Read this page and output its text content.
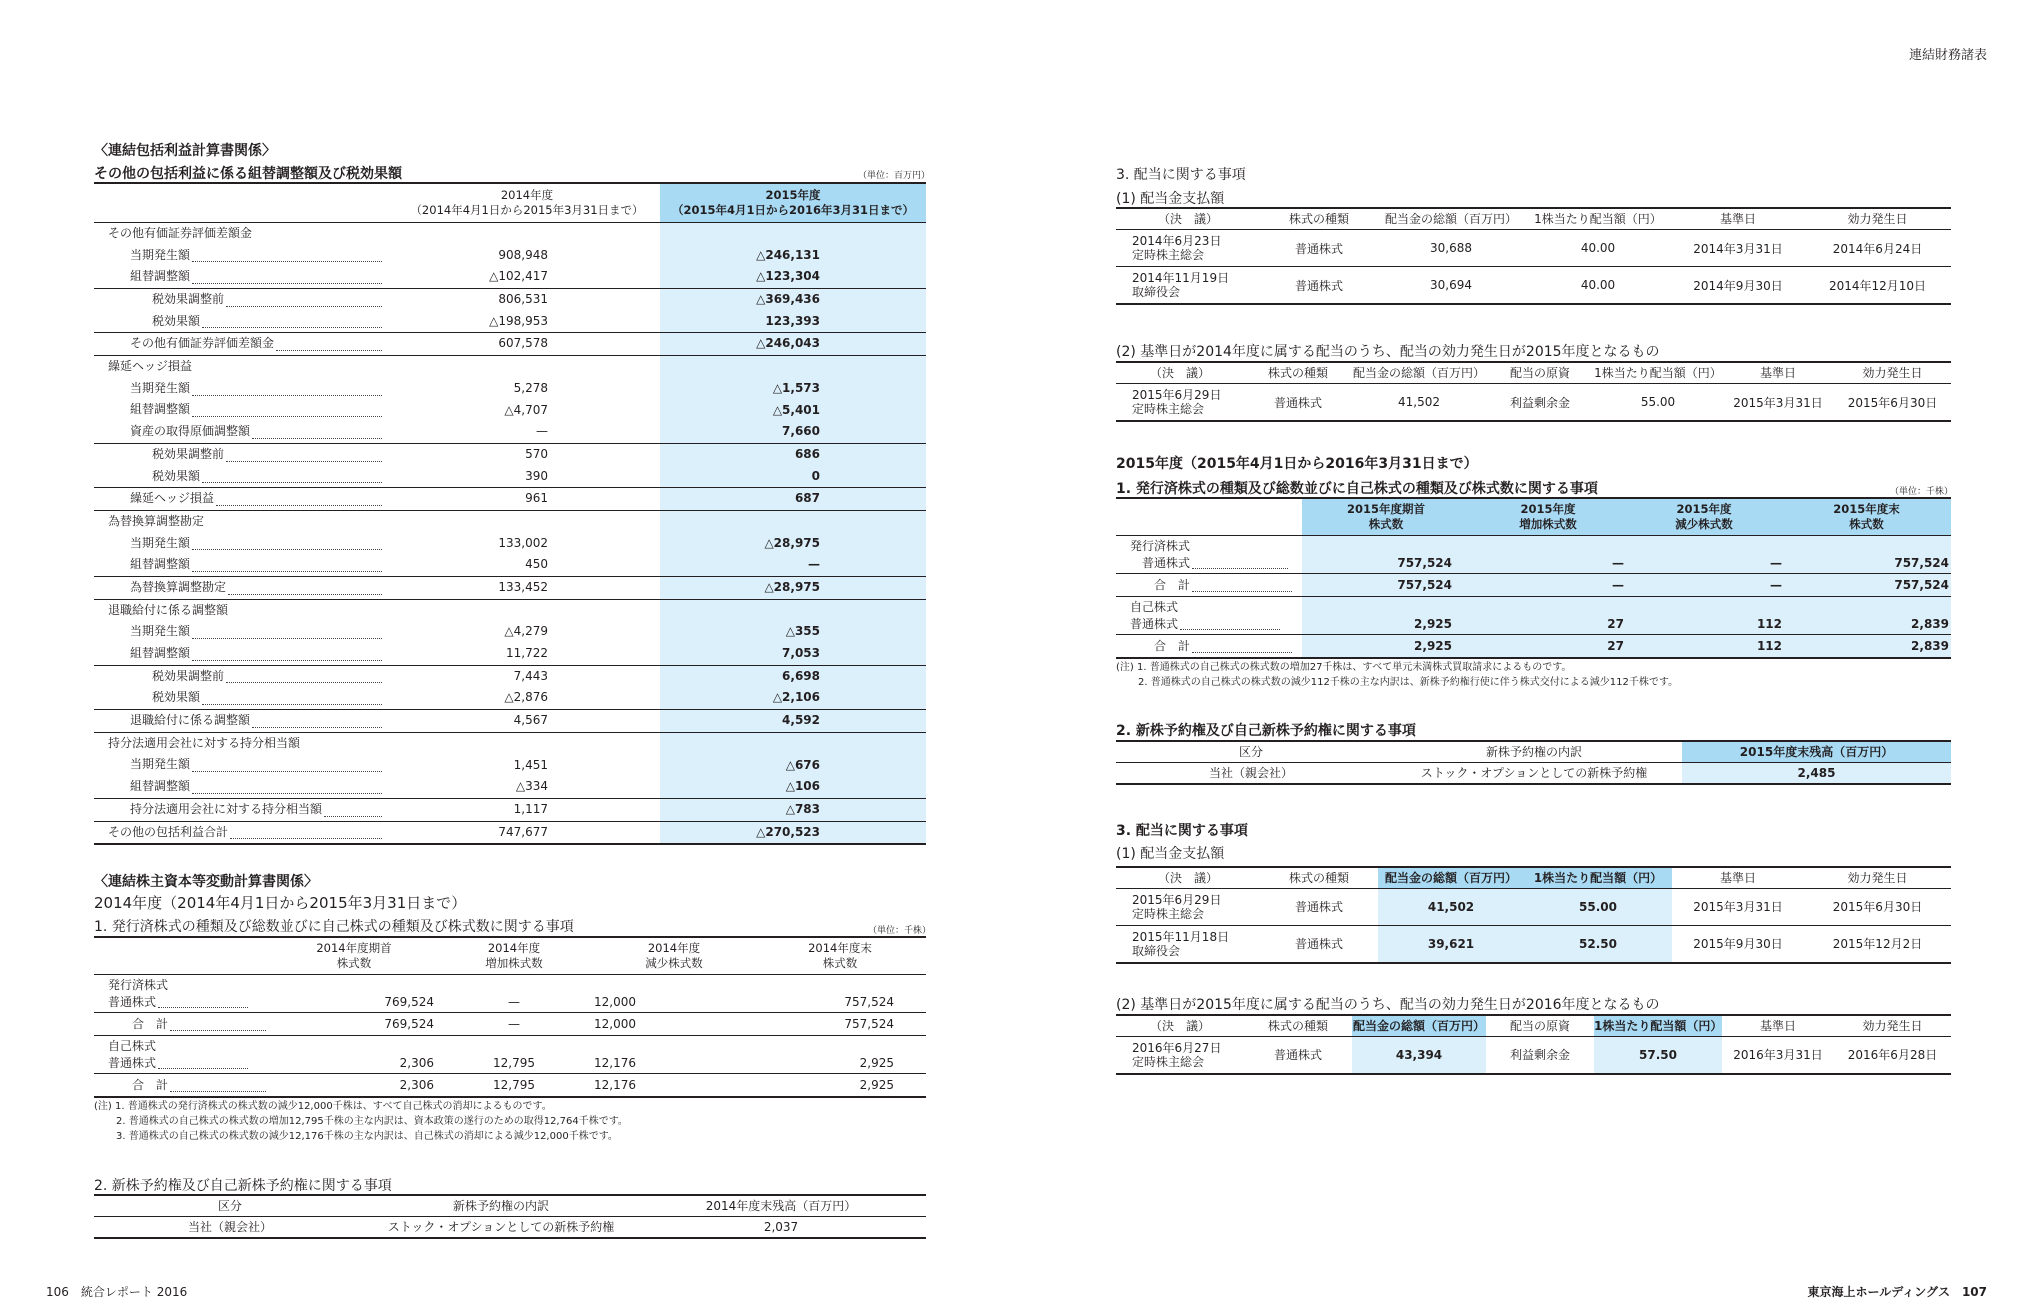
連結財務諸表
106　統合レポート 2016	東京海上ホールディングス　107
〈連結包括利益計算書関係〉
その他の包括利益に係る組替調整額及び税効果額	（単位：百万円）
2014年度
（2014年4月1日から2015年3月31日まで）
2015年度
（2015年4月1日から2016年3月31日まで）
その他有価証券評価差額金
当期発生額	908,948	△246,131
組替調整額	△102,417	△123,304
税効果調整前	806,531	△369,436
税効果額	△198,953	123,393
その他有価証券評価差額金	607,578	△246,043
繰延ヘッジ損益
当期発生額	5,278	△1,573
組替調整額	△4,707	△5,401
資産の取得原価調整額	—	7,660
税効果調整前	570	686
税効果額	390	0
繰延ヘッジ損益	961	687
為替換算調整勘定
当期発生額	133,002	△28,975
組替調整額	450	—
為替換算調整勘定	133,452	△28,975
退職給付に係る調整額
当期発生額	△4,279	△355
組替調整額	11,722	7,053
税効果調整前	7,443	6,698
税効果額	△2,876	△2,106
退職給付に係る調整額	4,567	4,592
持分法適用会社に対する持分相当額
当期発生額	1,451	△676
組替調整額	△334	△106
持分法適用会社に対する持分相当額	1,117	△783
その他の包括利益合計	747,677	△270,523
〈連結株主資本等変動計算書関係〉
2014年度（2014年4月1日から2015年3月31日まで）
1. 発行済株式の種類及び総数並びに自己株式の種類及び株式数に関する事項	（単位：千株）
2014年度期首
株式数
2014年度
増加株式数
2014年度
減少株式数
2014年度末
株式数
発行済株式
普通株式	769,524	—	12,000	757,524
合　計	769,524	—	12,000	757,524
自己株式
普通株式	2,306	12,795	12,176	2,925
合　計	2,306	12,795	12,176	2,925
(注) 1. 普通株式の発行済株式の株式数の減少12,000千株は、すべて自己株式の消却によるものです。
2. 普通株式の自己株式の株式数の増加12,795千株の主な内訳は、資本政策の遂行のための取得12,764千株です。
3. 普通株式の自己株式の株式数の減少12,176千株の主な内訳は、自己株式の消却による減少12,000千株です。
2. 新株予約権及び自己新株予約権に関する事項
区分	新株予約権の内訳	2014年度末残高（百万円）
当社（親会社）	ストック・オプションとしての新株予約権	2,037
3. 配当に関する事項
(1) 配当金支払額
（決　議）	株式の種類	配当金の総額（百万円）	1株当たり配当額（円）	基準日	効力発生日
2014年6月23日
定時株主総会	普通株式	30,688	40.00	2014年3月31日	2014年6月24日
2014年11月19日
取締役会	普通株式	30,694	40.00	2014年9月30日	2014年12月10日
(2) 基準日が2014年度に属する配当のうち、配当の効力発生日が2015年度となるもの
（決　議）	株式の種類	配当金の総額（百万円）	配当の原資	1株当たり配当額（円）	基準日	効力発生日
2015年6月29日
定時株主総会	普通株式	41,502	利益剰余金	55.00	2015年3月31日	2015年6月30日
2015年度（2015年4月1日から2016年3月31日まで）
1. 発行済株式の種類及び総数並びに自己株式の種類及び株式数に関する事項	（単位：千株）
2015年度期首
株式数
2015年度
増加株式数
2015年度
減少株式数
2015年度末
株式数
発行済株式
普通株式	757,524	—	—	757,524
合　計	757,524	—	—	757,524
自己株式
普通株式	2,925	27	112	2,839
合　計	2,925	27	112	2,839
(注) 1. 普通株式の自己株式の株式数の増加27千株は、すべて単元未満株式買取請求によるものです。
2. 普通株式の自己株式の株式数の減少112千株の主な内訳は、新株予約権行使に伴う株式交付による減少112千株です。
2. 新株予約権及び自己新株予約権に関する事項
区分	新株予約権の内訳	2015年度末残高（百万円）
当社（親会社）	ストック・オプションとしての新株予約権	2,485
3. 配当に関する事項
(1) 配当金支払額
（決　議）	株式の種類	配当金の総額（百万円）	1株当たり配当額（円）	基準日	効力発生日
2015年6月29日
定時株主総会	普通株式	41,502	55.00	2015年3月31日	2015年6月30日
2015年11月18日
取締役会	普通株式	39,621	52.50	2015年9月30日	2015年12月2日
(2) 基準日が2015年度に属する配当のうち、配当の効力発生日が2016年度となるもの
（決　議）	株式の種類	配当金の総額（百万円）	配当の原資	1株当たり配当額（円）	基準日	効力発生日
2016年6月27日
定時株主総会	普通株式	43,394	利益剰余金	57.50	2016年3月31日	2016年6月28日
